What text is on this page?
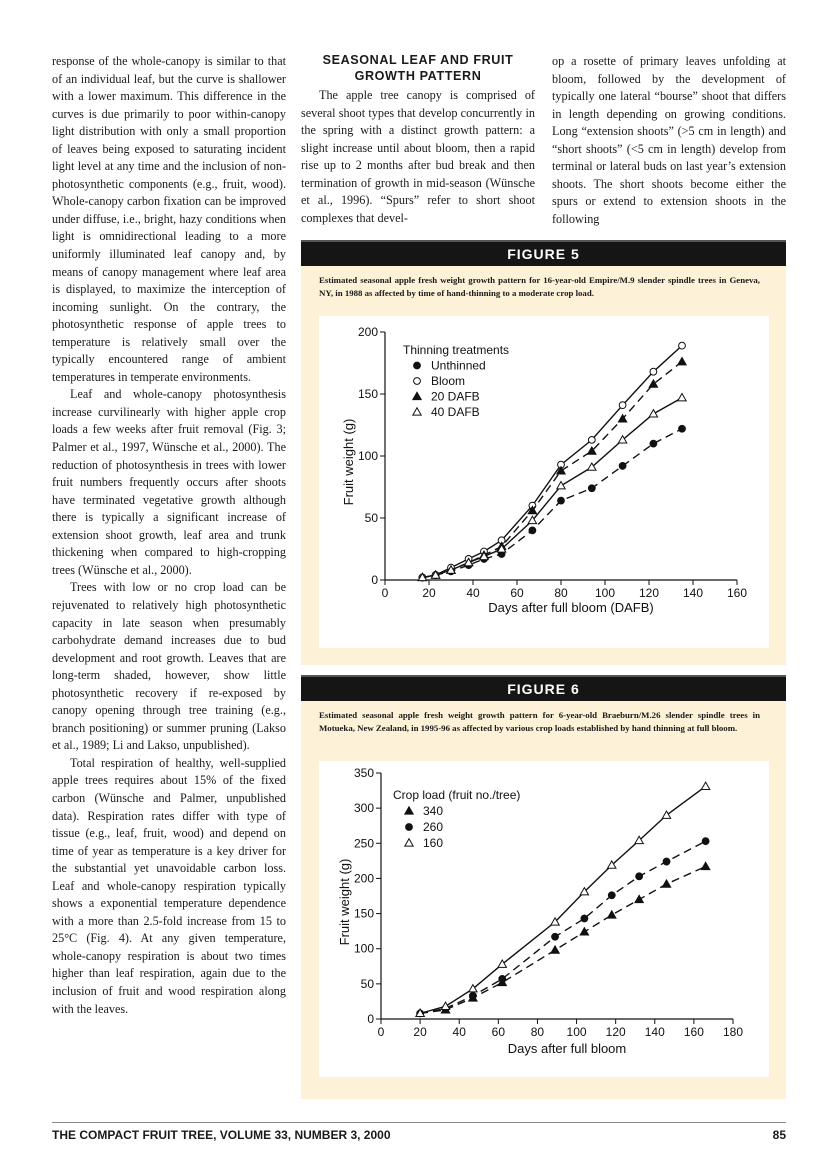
response of the whole-canopy is similar to that of an individual leaf, but the curve is shallower with a lower maximum. This difference in the curves is due primarily to poor within-canopy light distribution with only a small proportion of leaves being exposed to saturating incident light level at any time and the inclusion of non-photosynthetic components (e.g., fruit, wood). Whole-canopy carbon fixation can be improved under diffuse, i.e., bright, hazy conditions when light is omnidirectional leading to a more uniformly illuminated leaf canopy and, by means of canopy management where leaf area is displayed, to maximize the interception of incoming sunlight. On the contrary, the photosynthetic response of apple trees to temperature is relatively small over the typically encountered range of ambient temperatures in temperate environments.

Leaf and whole-canopy photosynthesis increase curvilinearly with higher apple crop loads a few weeks after fruit removal (Fig. 3; Palmer et al., 1997, Wünsche et al., 2000). The reduction of photosynthesis in trees with lower fruit numbers frequently occurs after shoots have terminated vegetative growth although there is typically a significant increase of extension shoot growth, leaf area and trunk thickening when compared to high-cropping trees (Wünsche et al., 2000).

Trees with low or no crop load can be rejuvenated to relatively high photosynthetic capacity in late season when presumably carbohydrate demand increases due to bud development and root growth. Leaves that are long-term shaded, however, show little photosynthetic recovery if re-exposed by canopy opening through tree training (e.g., branch positioning) or summer pruning (Lakso et al., 1989; Li and Lakso, unpublished).

Total respiration of healthy, well-supplied apple trees requires about 15% of the fixed carbon (Wünsche and Palmer, unpublished data). Respiration rates differ with type of tissue (e.g., leaf, fruit, wood) and depend on time of year as temperature is a key driver for the substantial yet unavoidable carbon loss. Leaf and whole-canopy respiration typically shows a exponential temperature dependence with a more than 2.5-fold increase from 15 to 25°C (Fig. 4). At any given temperature, whole-canopy respiration is about two times higher than leaf respiration, again due to the inclusion of fruit and wood respiration along with the leaves.

SEASONAL LEAF AND FRUIT GROWTH PATTERN

The apple tree canopy is comprised of several shoot types that develop concurrently in the spring with a distinct growth pattern: a slight increase until about bloom, then a rapid rise up to 2 months after bud break and then termination of growth in mid-season (Wünsche et al., 1996). “Spurs” refer to short shoot complexes that devel-

op a rosette of primary leaves unfolding at bloom, followed by the development of typically one lateral “bourse” shoot that differs in length depending on growing conditions. Long “extension shoots” (>5 cm in length) and “short shoots” (<5 cm in length) develop from terminal or lateral buds on last year’s extension shoots. The short shoots become either the spurs or extend to extension shoots in the following

FIGURE 5
Estimated seasonal apple fresh weight growth pattern for 16-year-old Empire/M.9 slender spindle trees in Geneva, NY, in 1988 as affected by time of hand-thinning to a moderate crop load.
0
50
100
150
200
0	20	40	60	80 100 120 140 160
Days after full bloom (DAFB)
Fruit weight (g)
Thinning treatments
Unthinned
Bloom
20 DAFB
40 DAFB
FIGURE 6
Estimated seasonal apple fresh weight growth pattern for 6-year-old Braeburn/M.26 slender spindle trees in Motueka, New Zealand, in 1995-96 as affected by various crop loads established by hand thinning at full bloom.
0
50
100
150
200
250
300
350
0 20 40 60 80 100 120 140 160 180
Days after full bloom
Fruit weight (g)
Crop load (fruit no./tree)
340
260
160
THE COMPACT FRUIT TREE, VOLUME 33, NUMBER 3, 2000	85
